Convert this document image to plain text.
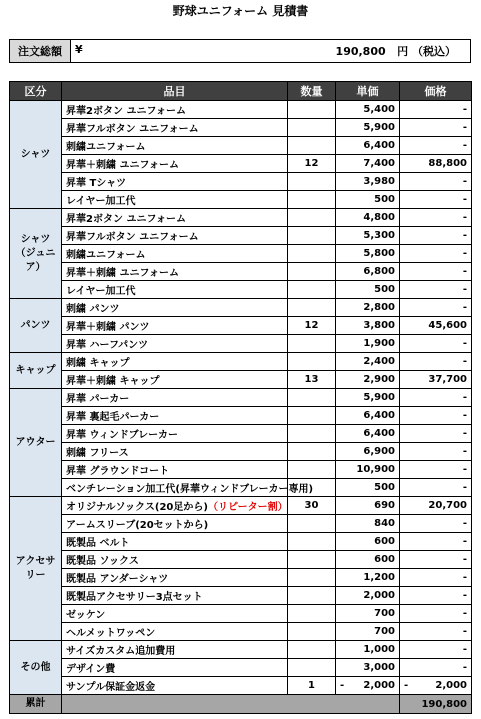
野球ユニフォーム 見積書
注文総額	¥	190,800 円 （税込）
区分	品目	数量	単価	価格
シャツ	昇華2ボタン ユニフォーム		5,400	-
	昇華フルボタン ユニフォーム		5,900	-
	刺繍ユニフォーム		6,400	-
	昇華＋刺繍 ユニフォーム	12	7,400	88,800
	昇華 Tシャツ		3,980	-
	レイヤー加工代		500	-
シャツ（ジュニア）	昇華2ボタン ユニフォーム		4,800	-
	昇華フルボタン ユニフォーム		5,300	-
	刺繍ユニフォーム		5,800	-
	昇華＋刺繍 ユニフォーム		6,800	-
	レイヤー加工代		500	-
パンツ	刺繍 パンツ		2,800	-
	昇華＋刺繍 パンツ	12	3,800	45,600
	昇華 ハーフパンツ		1,900	-
キャップ	刺繍 キャップ		2,400	-
	昇華＋刺繍 キャップ	13	2,900	37,700
アウター	昇華 パーカー		5,900	-
	昇華 裏起毛パーカー		6,400	-
	昇華 ウィンドブレーカー		6,400	-
	刺繍 フリース		6,900	-
	昇華 グラウンドコート		10,900	-
	ベンチレーション加工代(昇華ウィンドブレーカー専用)		500	-
アクセサリー	オリジナルソックス(20足から)（リピーター割）	30	690	20,700
	アームスリーブ(20セットから)		840	-
	既製品 ベルト		600	-
	既製品 ソックス		600	-
	既製品 アンダーシャツ		1,200	-
	既製品アクセサリー3点セット		2,000	-
	ゼッケン		700	-
	ヘルメットワッペン		700	-
その他	サイズカスタム追加費用		1,000	-
	デザイン費		3,000	-
	サンプル保証金返金	1	- 2,000	- 2,000

累計				190,800
